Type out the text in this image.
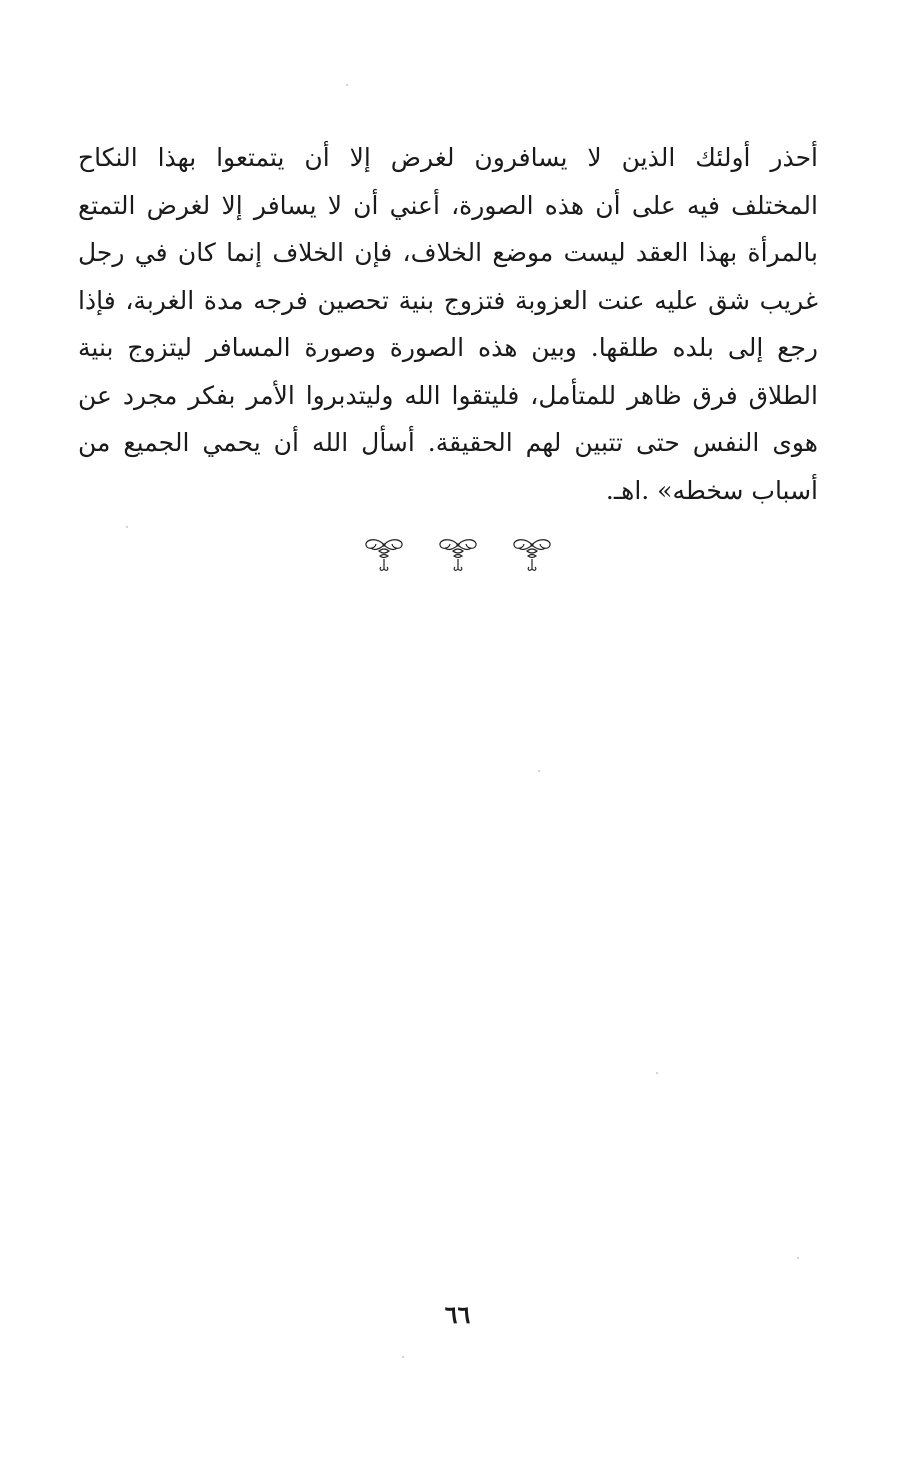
أحذر أولئك الذين لا يسافرون لغرض إلا أن يتمتعوا بهذا النكاح
المختلف فيه على أن هذه الصورة، أعني أن لا يسافر إلا لغرض التمتع
بالمرأة بهذا العقد ليست موضع الخلاف، فإن الخلاف إنما كان في رجل
غريب شق عليه عنت العزوبة فتزوج بنية تحصين فرجه مدة الغربة، فإذا
رجع إلى بلده طلقها. وبين هذه الصورة وصورة المسافر ليتزوج بنية
الطلاق فرق ظاهر للمتأمل، فليتقوا الله وليتدبروا الأمر بفكر مجرد عن
هوى النفس حتى تتبين لهم الحقيقة. أسأل الله أن يحمي الجميع من
أسباب سخطه» .اهـ.
٦٦
